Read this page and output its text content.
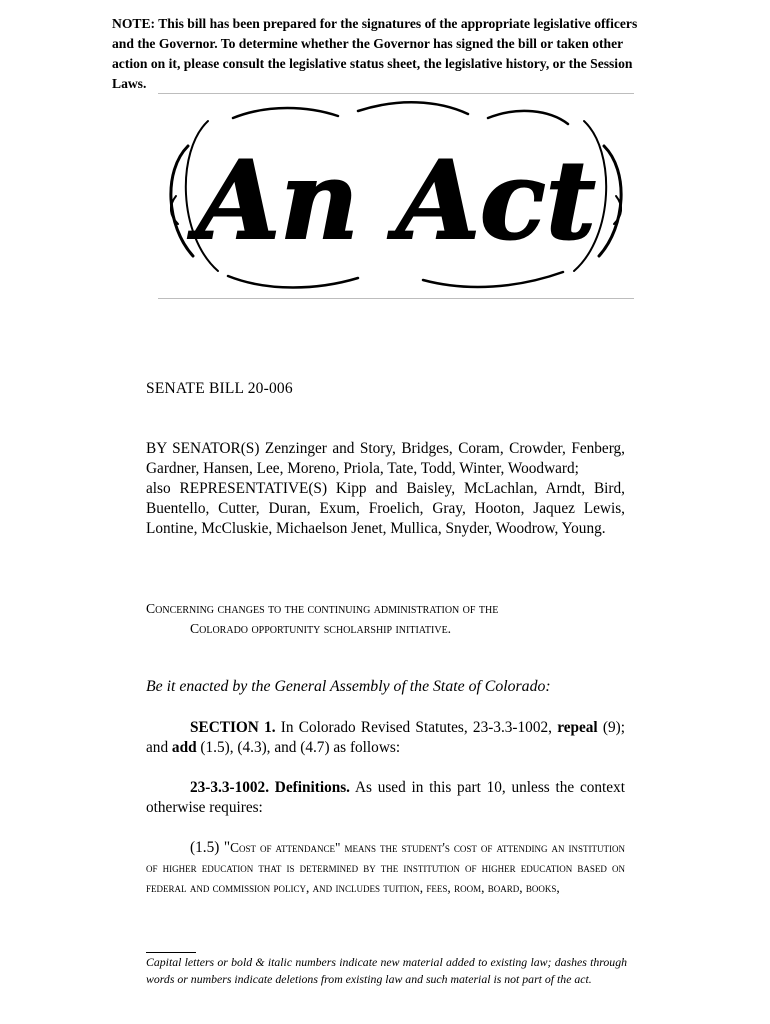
NOTE: This bill has been prepared for the signatures of the appropriate legislative officers and the Governor. To determine whether the Governor has signed the bill or taken other action on it, please consult the legislative status sheet, the legislative history, or the Session Laws.
An Act
SENATE BILL 20-006

BY SENATOR(S) Zenzinger and Story, Bridges, Coram, Crowder, Fenberg, Gardner, Hansen, Lee, Moreno, Priola, Tate, Todd, Winter, Woodward;

also REPRESENTATIVE(S) Kipp and Baisley, McLachlan, Arndt, Bird, Buentello, Cutter, Duran, Exum, Froelich, Gray, Hooton, Jaquez Lewis, Lontine, McCluskie, Michaelson Jenet, Mullica, Snyder, Woodrow, Young.

Concerning changes to the continuing administration of the
Colorado opportunity scholarship initiative.
Be it enacted by the General Assembly of the State of Colorado:
SECTION 1. In Colorado Revised Statutes, 23-3.3-1002, repeal (9); and add (1.5), (4.3), and (4.7) as follows:
23-3.3-1002. Definitions. As used in this part 10, unless the context otherwise requires:
(1.5) "Cost of attendance" means the student's cost of attending an institution of higher education that is determined by the institution of higher education based on federal and commission policy, and includes tuition, fees, room, board, books,
Capital letters or bold & italic numbers indicate new material added to existing law; dashes through words or numbers indicate deletions from existing law and such material is not part of the act.
